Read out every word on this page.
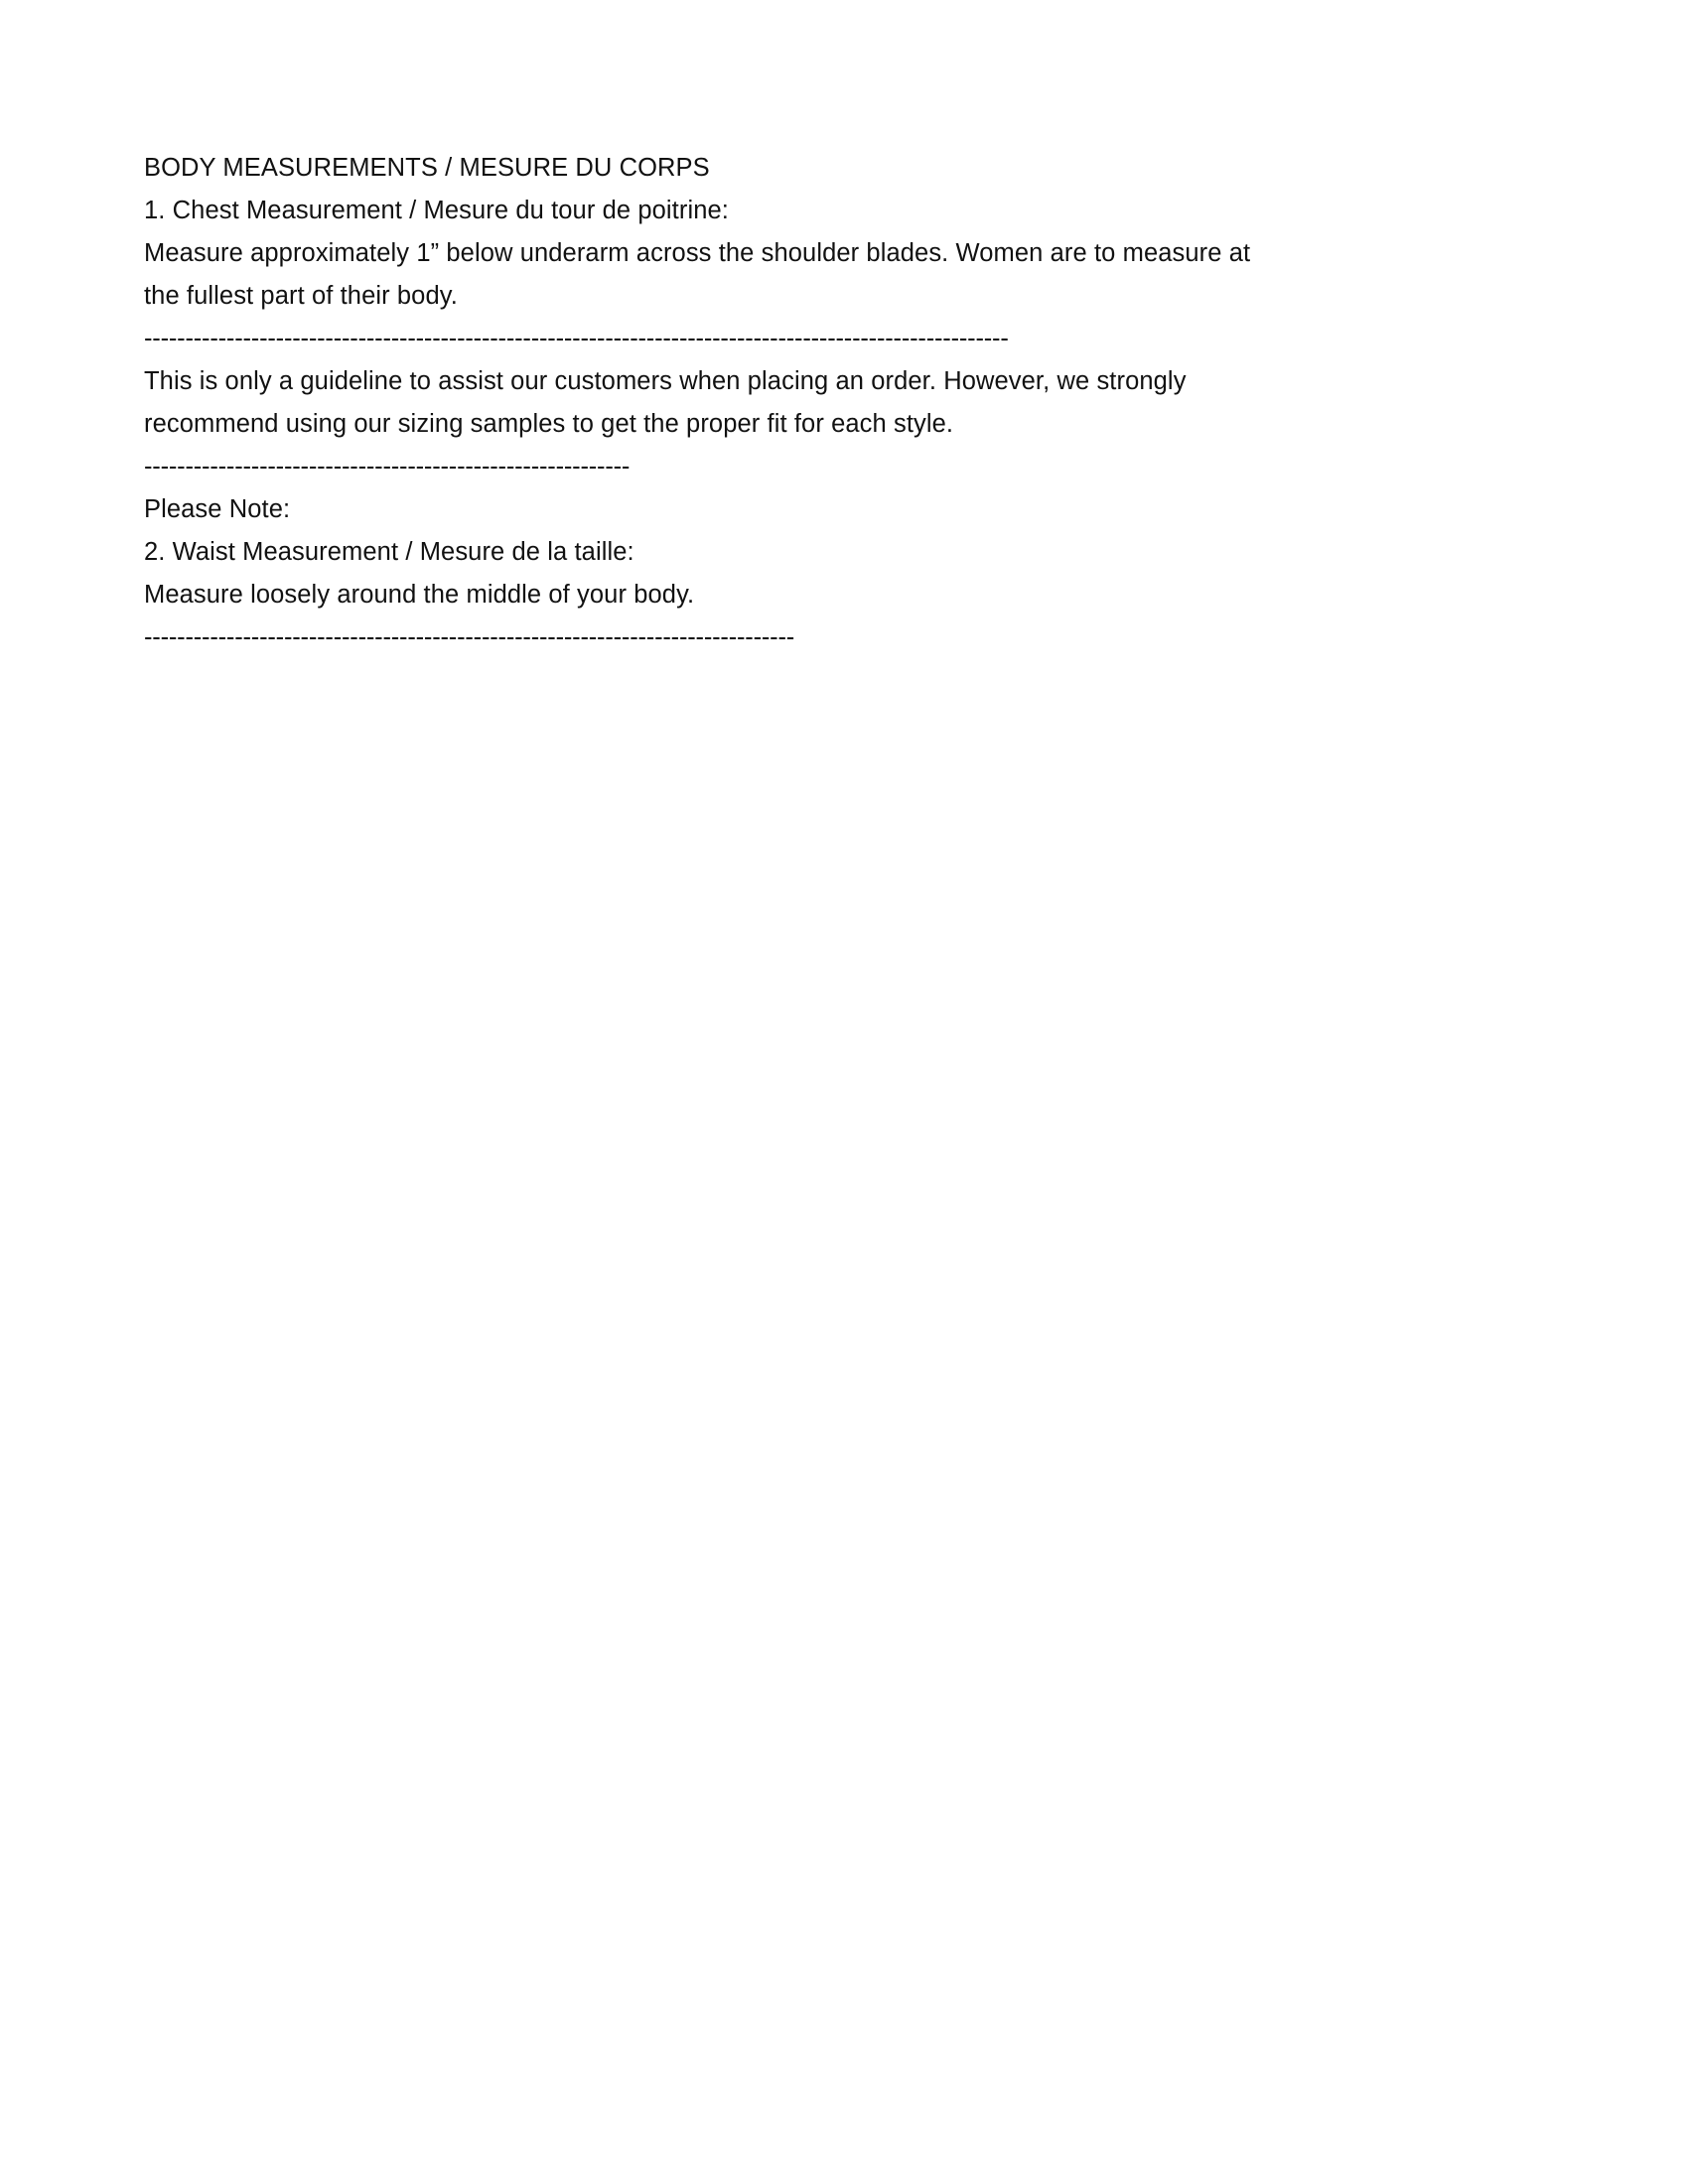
BODY MEASUREMENTS / MESURE DU CORPS
1. Chest Measurement / Mesure du tour de poitrine:
Measure approximately 1” below underarm across the shoulder blades. Women are to measure at the fullest part of their body.
---------------------------------------------------------------------------------------------------------
This is only a guideline to assist our customers when placing an order. However, we strongly recommend using our sizing samples to get the proper fit for each style.
-----------------------------------------------------------
Please Note:
2. Waist Measurement / Mesure de la taille:
Measure loosely around the middle of your body.
-------------------------------------------------------------------------------
